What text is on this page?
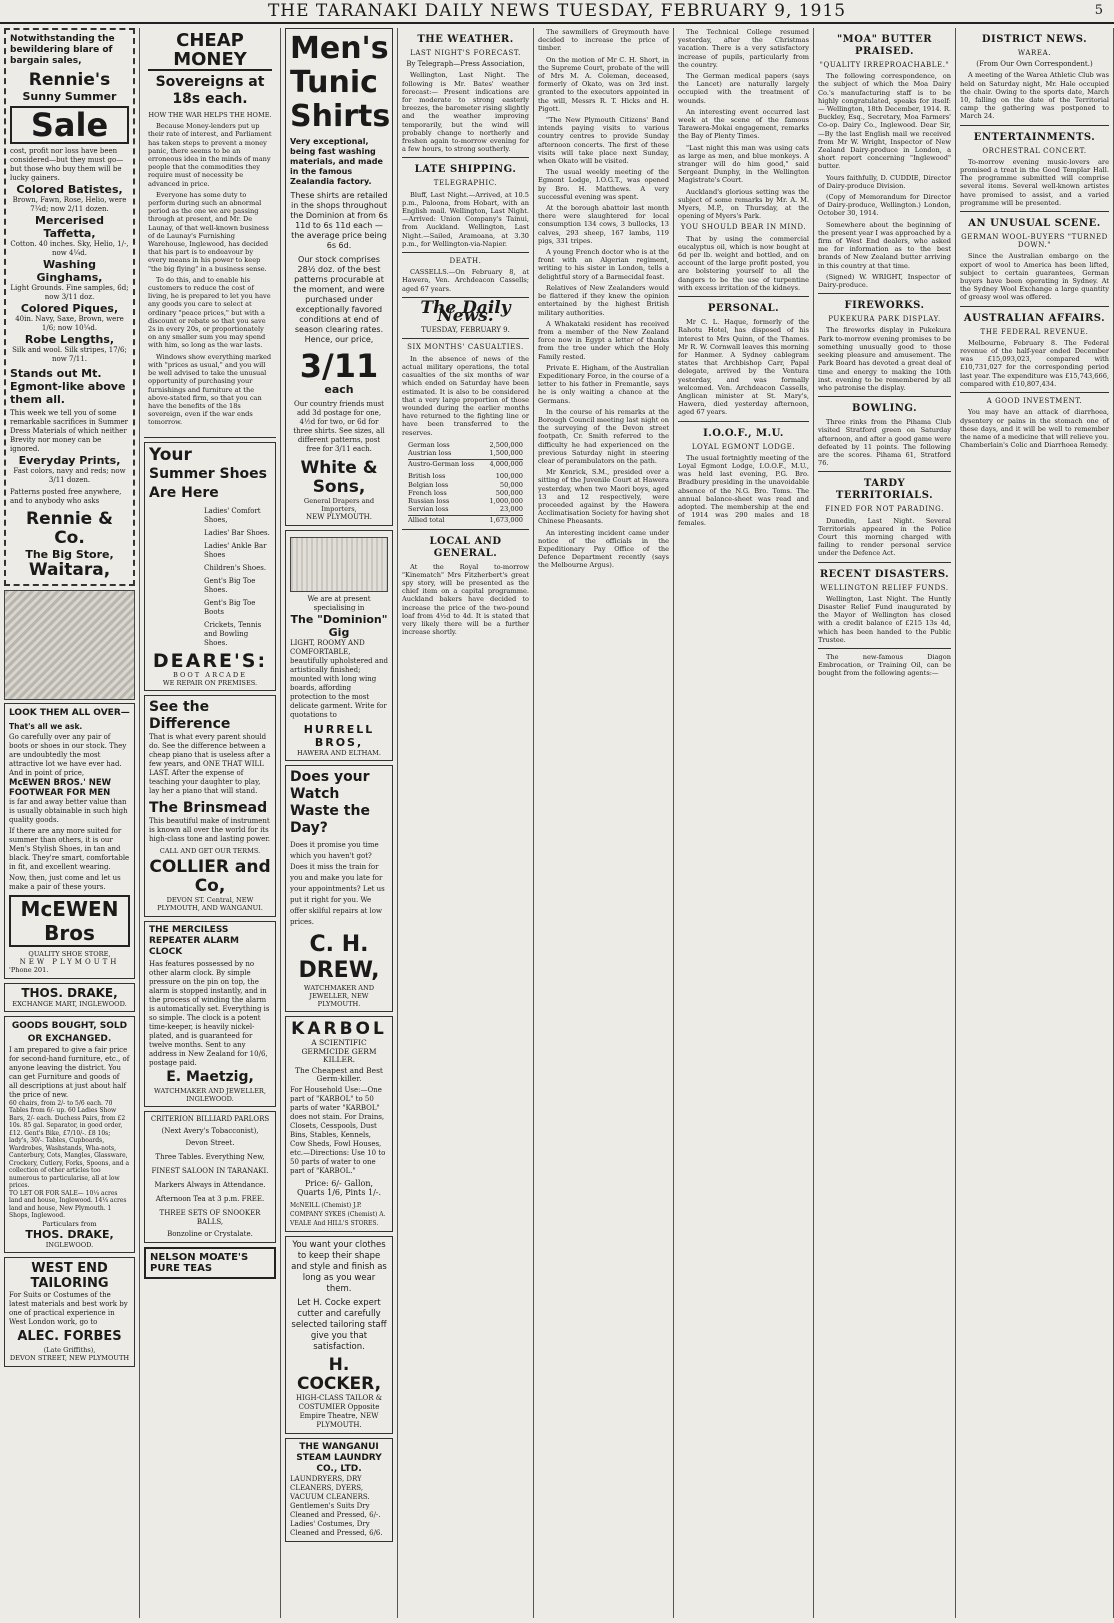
THE TARANAKI DAILY NEWS TUESDAY, FEBRUARY 9, 1915	5
Notwithstanding the bewildering blare of bargain sales,
Rennie's
Sunny Summer
Sale
cost, profit nor loss have been considered—but they must go—but those who buy them will be lucky gainers.
Colored Batistes,
Brown, Fawn, Rose, Helio, were 7¼d; now 2/11 dozen.
Mercerised Taffetta,
Cotton. 40 inches. Sky, Helio, 1/-, now 4¼d.
Washing Ginghams,
Light Grounds. Fine samples, 6d; now 3/11 doz.
Colored Piques,
40in. Navy, Saxe, Brown, were 1/6; now 10¼d.
Robe Lengths,
Silk and wool. Silk stripes, 17/6; now 7/11.
Stands out Mt. Egmont-like above them all.
This week we tell you of some remarkable sacrifices in Summer Dress Materials of which neither Brevity nor money can be ignored.
Everyday Prints,
Fast colors, navy and reds; now 3/11 dozen.
Patterns posted free anywhere, and to anybody who asks
Rennie & Co.
The Big Store,
Waitara,
LOOK THEM ALL OVER—
That's all we ask.
Go carefully over any pair of boots or shoes in our stock. They are undoubtedly the most attractive lot we have ever had. And in point of price,
McEWEN BROS.' NEW FOOTWEAR FOR MEN
is far and away better value than is usually obtainable in such high quality goods.
If there are any more suited for summer than others, it is our Men's Stylish Shoes, in tan and black. They're smart, comfortable in fit, and excellent wearing.
Now, then, just come and let us make a pair of these yours.
McEWEN Bros
QUALITY SHOE STORE,
NEW PLYMOUTH
'Phone 201.
THOS. DRAKE,
EXCHANGE MART, INGLEWOOD.
GOODS BOUGHT, SOLD OR EXCHANGED.
I am prepared to give a fair price for second-hand furniture, etc., of anyone leaving the district. You can get Furniture and goods of all descriptions at just about half the price of new.
60 chairs, from 2/- to 5/6 each. 70 Tables from 6/- up. 60 Ladies Show Bars, 2/- each. Duchess Pairs, from £2 10s. 85 gal. Separator, in good order, £12. Gent's Bike, £7/10/-. £8 10s; lady's, 30/-. Tables, Cupboards, Wardrobes, Washstands, Wha-nots, Canterbury, Cots, Mangles, Glassware, Crockery, Cutlery, Forks, Spoons, and a collection of other articles too numerous to particularise, all at low prices.
TO LET OR FOR SALE— 10¼ acres land and house, Inglewood. 14¼ acres land and house, New Plymouth. 1 Shops, Inglewood.
Particulars from
THOS. DRAKE,
INGLEWOOD.
WEST END TAILORING
For Suits or Costumes of the latest materials and best work by one of practical experience in West London work, go to
ALEC. FORBES
(Late Griffiths),
DEVON STREET, NEW PLYMOUTH
CHEAP MONEY
Sovereigns at 18s each.
HOW THE WAR HELPS THE HOME.
Because Money-lenders put up their rate of interest, and Parliament has taken steps to prevent a money panic, there seems to be an erroneous idea in the minds of many people that the commodities they require must of necessity be advanced in price.
Everyone has some duty to perform during such an abnormal period as the one we are passing through at present, and Mr. De Launay, of that well-known business of de Launay's Furnishing Warehouse, Inglewood, has decided that his part is to endeavour by every means in his power to keep "the big flying" in a business sense.
To do this, and to enable his customers to reduce the cost of living, he is prepared to let you have any goods you care to select at ordinary "peace prices," but with a discount or rebate so that you save 2s in every 20s, or proportionately on any smaller sum you may spend with him, so long as the war lasts.
Windows show everything marked with "prices as usual," and you will be well advised to take the unusual opportunity of purchasing your furnishings and furniture at the above-stated firm, so that you can have the benefits of the 18s sovereign, even if the war ends tomorrow.
Your
Summer Shoes
Are Here
Ladies' Comfort Shoes,
Ladies' Bar Shoes.
Ladies' Ankle Bar Shoes
Children's Shoes.
Gent's Big Toe Shoes.
Gent's Big Toe Boots
Crickets, Tennis and Bowling Shoes.
DEARE'S:
BOOT ARCADE
WE REPAIR ON PREMISES.
See the Difference
That is what every parent should do. See the difference between a cheap piano that is useless after a few years, and ONE THAT WILL LAST. After the expense of teaching your daughter to play, lay her a piano that will stand.
The Brinsmead
This beautiful make of instrument is known all over the world for its high-class tone and lasting power.
CALL AND GET OUR TERMS.
COLLIER and Co,
DEVON ST. Central, NEW PLYMOUTH, AND WANGANUI.
THE MERCILESS REPEATER ALARM CLOCK
Has features possessed by no other alarm clock. By simple pressure on the pin on top, the alarm is stopped instantly, and in the process of winding the alarm is automatically set. Everything is so simple. The clock is a potent time-keeper, is heavily nickel-plated, and is guaranteed for twelve months. Sent to any address in New Zealand for 10/6, postage paid.
E. Maetzig,
WATCHMAKER AND JEWELLER, INGLEWOOD.
CRITERION BILLIARD PARLORS
(Next Avery's Tobacconist),
Devon Street.
Three Tables. Everything New,
FINEST SALOON IN TARANAKI.
Markers Always in Attendance.
Afternoon Tea at 3 p.m. FREE.
THREE SETS OF SNOOKER BALLS,
Bonzoline or Crystalate.
NELSON MOATE'S PURE TEAS
Men's
Tunic
Shirts
Very exceptional, being fast washing materials, and made in the famous Zealandia factory.
These shirts are retailed in the shops throughout the Dominion at from 6s 11d to 6s 11d each —the average price being 6s 6d.
Our stock comprises 28½ doz. of the best patterns procurable at the moment, and were purchased under exceptionally favored conditions at end of season clearing rates. Hence, our price,
3/11 each
Our country friends must add 3d postage for one, 4½d for two, or 6d for three shirts. See sizes, all different patterns, post free for 3/11 each.
White & Sons,
General Drapers and Importers,
NEW PLYMOUTH.
We are at present specialising in
The "Dominion" Gig
LIGHT, ROOMY AND COMFORTABLE, beautifully upholstered and artistically finished; mounted with long wing boards, affording protection to the most delicate garment. Write for quotations to
HURRELL BROS,
HAWERA AND ELTHAM.
Does your Watch Waste the Day?
Does it promise you time which you haven't got? Does it miss the train for you and make you late for your appointments? Let us put it right for you. We offer skilful repairs at low prices.
C. H. DREW,
WATCHMAKER AND JEWELLER, NEW PLYMOUTH.
KARBOL
A SCIENTIFIC GERMICIDE GERM KILLER.
The Cheapest and Best Germ-killer.
For Household Use:—One part of "KARBOL" to 50 parts of water "KARBOL" does not stain. For Drains, Closets, Cesspools, Dust Bins, Stables, Kennels, Cow Sheds, Fowl Houses, etc.—Directions: Use 10 to 50 parts of water to one part of "KARBOL."
Price: 6/- Gallon, Quarts 1/6, Pints 1/-.
McNEILL (Chemist) J.P. COMPANY SYKES (Chemist) A. VEALE And HILL'S STORES.
You want your clothes to keep their shape and style and finish as long as you wear them.
Let H. Cocke expert cutter and carefully selected tailoring staff give you that satisfaction.
H. COCKER,
HIGH-CLASS TAILOR & COSTUMIER Opposite Empire Theatre, NEW PLYMOUTH.
THE WANGANUI STEAM LAUNDRY CO., LTD.
LAUNDRYERS, DRY CLEANERS, DYERS, VACUUM CLEANERS. Gentlemen's Suits Dry Cleaned and Pressed, 6/-. Ladies' Costumes, Dry Cleaned and Pressed, 6/6.
THE WEATHER.
LAST NIGHT'S FORECAST.
By Telegraph—Press Association,
Wellington, Last Night. The following is Mr. Bates' weather forecast:— Present indications are for moderate to strong easterly breezes, the barometer rising slightly and the weather improving temporarily, but the wind will probably change to northerly and freshen again to-morrow evening for a few hours, to strong southerly.
LATE SHIPPING.
TELEGRAPHIC.
Bluff, Last Night.—Arrived, at 10.5 p.m., Paloona, from Hobart, with an English mail. Wellington, Last Night.—Arrived: Union Company's Tainui, from Auckland. Wellington, Last Night.—Sailed, Aramoana, at 3.30 p.m., for Wellington-via-Napier.
DEATH.
CASSELLS.—On February 8, at Hawera, Ven. Archdeacon Cassells; aged 67 years.
The Daily News.
TUESDAY, FEBRUARY 9.
SIX MONTHS' CASUALTIES.
In the absence of news of the actual military operations, the total casualties of the six months of war which ended on Saturday have been estimated. It is also to be considered that a very large proportion of those wounded during the earlier months have returned to the fighting line or have been transferred to the reserves.
German loss	2,500,000
Austrian loss	1,500,000
Austro-German loss 4,000,000
British loss	100,000
Belgian loss	50,000
French loss	500,000
Russian loss	1,000,000
Servian loss	23,000
Allied total	1,673,000
LOCAL AND GENERAL.
At the Royal to-morrow "Kinematch" Mrs Fitzherbert's great spy story, will be presented as the chief item on a capital programme. Auckland bakers have decided to increase the price of the two-pound loaf from 4½d to 4d. It is stated that very likely there will be a further increase shortly.
The sawmillers of Greymouth have decided to increase the price of timber.
On the motion of Mr C. H. Short, in the Supreme Court, probate of the will of Mrs M. A. Coleman, deceased, formerly of Okato, was on 3rd inst. granted to the executors appointed in the will, Messrs R. T. Hicks and H. Pigott.
"The New Plymouth Citizens' Band intends paying visits to various country centres to provide Sunday afternoon concerts. The first of these visits will take place next Sunday, when Okato will be visited.
The usual weekly meeting of the Egmont Lodge, I.O.G.T., was opened by Bro. H. Matthews. A very successful evening was spent.
At the borough abattoir last month there were slaughtered for local consumption 134 cows, 3 bullocks, 13 calves, 293 sheep, 167 lambs, 119 pigs, 331 tripes.
A young French doctor who is at the front with an Algerian regiment, writing to his sister in London, tells a delightful story of a Barmecidal feast.
Relatives of New Zealanders would be flattered if they knew the opinion entertained by the highest British military authorities.
A Whakataki resident has received from a member of the New Zealand force now in Egypt a letter of thanks from the tree under which the Holy Family rested.
Private E. Higham, of the Australian Expeditionary Force, in the course of a letter to his father in Fremantle, says he is only waiting a chance at the Germans.
In the course of his remarks at the Borough Council meeting last night on the surveying of the Devon street footpath, Cr. Smith referred to the difficulty he had experienced on the previous Saturday night in steering clear of perambulators on the path.
Mr Kenrick, S.M., presided over a sitting of the Juvenile Court at Hawera yesterday, when two Maori boys, aged 13 and 12 respectively, were proceeded against by the Hawera Acclimatisation Society for having shot Chinese Pheasants.
An interesting incident came under notice of the officials in the Expeditionary Pay Office of the Defence Department recently (says the Melbourne Argus).
The Technical College resumed yesterday, after the Christmas vacation. There is a very satisfactory increase of pupils, particularly from the country.
The German medical papers (says the Lancet) are naturally largely occupied with the treatment of wounds.
An interesting event occurred last week at the scene of the famous Tarawera-Mokai engagement, remarks the Bay of Plenty Times.
"Last night this man was using cats as large as men, and blue monkeys. A stranger will do him good," said Sergeant Dunphy, in the Wellington Magistrate's Court.
Auckland's glorious setting was the subject of some remarks by Mr. A. M. Myers, M.P., on Thursday, at the opening of Myers's Park.
YOU SHOULD BEAR IN MIND.
That by using the commercial eucalyptus oil, which is now bought at 6d per lb. weight and bottled, and on account of the large profit posted, you are bolstering yourself to all the dangers to be the use of turpentine with excess irritation of the kidneys.
PERSONAL.
Mr C. L. Haque, formerly of the Rahotu Hotel, has disposed of his interest to Mrs Quinn, of the Thames. Mr R. W. Cornwall leaves this morning for Hanmer. A Sydney cablegram states that Archbishop Carr, Papal delegate, arrived by the Ventura yesterday, and was formally welcomed. Ven. Archdeacon Cassells, Anglican minister at St. Mary's, Hawera, died yesterday afternoon, aged 67 years.
I.O.O.F., M.U.
LOYAL EGMONT LODGE.
The usual fortnightly meeting of the Loyal Egmont Lodge, I.O.O.F., M.U., was held last evening, P.G. Bro. Bradbury presiding in the unavoidable absence of the N.G. Bro. Toms. The annual balance-sheet was read and adopted. The membership at the end of 1914 was 290 males and 18 females.
"MOA" BUTTER PRAISED.
"QUALITY IRREPROACHABLE."
The following correspondence, on the subject of which the Moa Dairy Co.'s manufacturing staff is to be highly congratulated, speaks for itself:— Wellington, 18th December, 1914. R. Buckley, Esq., Secretary, Moa Farmers' Co-op. Dairy Co., Inglewood. Dear Sir,—By the last English mail we received from Mr W. Wright, Inspector of New Zealand Dairy-produce in London, a short report concerning "Inglewood" butter.
Yours faithfully, D. CUDDIE, Director of Dairy-produce Division.
(Copy of Memorandum for Director of Dairy-produce, Wellington.) London, October 30, 1914.
Somewhere about the beginning of the present year I was approached by a firm of West End dealers, who asked me for information as to the best brands of New Zealand butter arriving in this country at that time.
(Signed) W. WRIGHT, Inspector of Dairy-produce.
FIREWORKS.
PUKEKURA PARK DISPLAY.
The fireworks display in Pukekura Park to-morrow evening promises to be something unusually good to those seeking pleasure and amusement. The Park Board has devoted a great deal of time and energy to making the 10th inst. evening to be remembered by all who patronise the display.
BOWLING.
Three rinks from the Pihama Club visited Stratford green on Saturday afternoon, and after a good game were defeated by 11 points. The following are the scores. Pihama 61, Stratford 76.
TARDY TERRITORIALS.
FINED FOR NOT PARADING.
Dunedin, Last Night. Several Territorials appeared in the Police Court this morning charged with failing to render personal service under the Defence Act.
RECENT DISASTERS.
WELLINGTON RELIEF FUNDS.
Wellington, Last Night. The Huntly Disaster Relief Fund inaugurated by the Mayor of Wellington has closed with a credit balance of £215 13s 4d, which has been handed to the Public Trustee.
The new-famous Diagon Embrocation, or Training Oil, can be bought from the following agents:—
DISTRICT NEWS.
WAREA.
(From Our Own Correspondent.)
A meeting of the Warea Athletic Club was held on Saturday night, Mr. Hale occupied the chair. Owing to the sports date, March 10, falling on the date of the Territorial camp the gathering was postponed to March 24.
ENTERTAINMENTS.
ORCHESTRAL CONCERT.
To-morrow evening music-lovers are promised a treat in the Good Templar Hall. The programme submitted will comprise several items. Several well-known artistes have promised to assist, and a varied programme will be presented.
AN UNUSUAL SCENE.
GERMAN WOOL-BUYERS "TURNED DOWN."
Since the Australian embargo on the export of wool to America has been lifted, subject to certain guarantees, German buyers have been operating in Sydney. At the Sydney Wool Exchange a large quantity of greasy wool was offered.
AUSTRALIAN AFFAIRS.
THE FEDERAL REVENUE.
Melbourne, February 8. The Federal revenue of the half-year ended December was £15,093,023, compared with £10,731,027 for the corresponding period last year. The expenditure was £15,743,666, compared with £10,807,434.
A GOOD INVESTMENT.
You may have an attack of diarrhoea, dysentery or pains in the stomach one of these days, and it will be well to remember the name of a medicine that will relieve you. Chamberlain's Colic and Diarrhoea Remedy.
